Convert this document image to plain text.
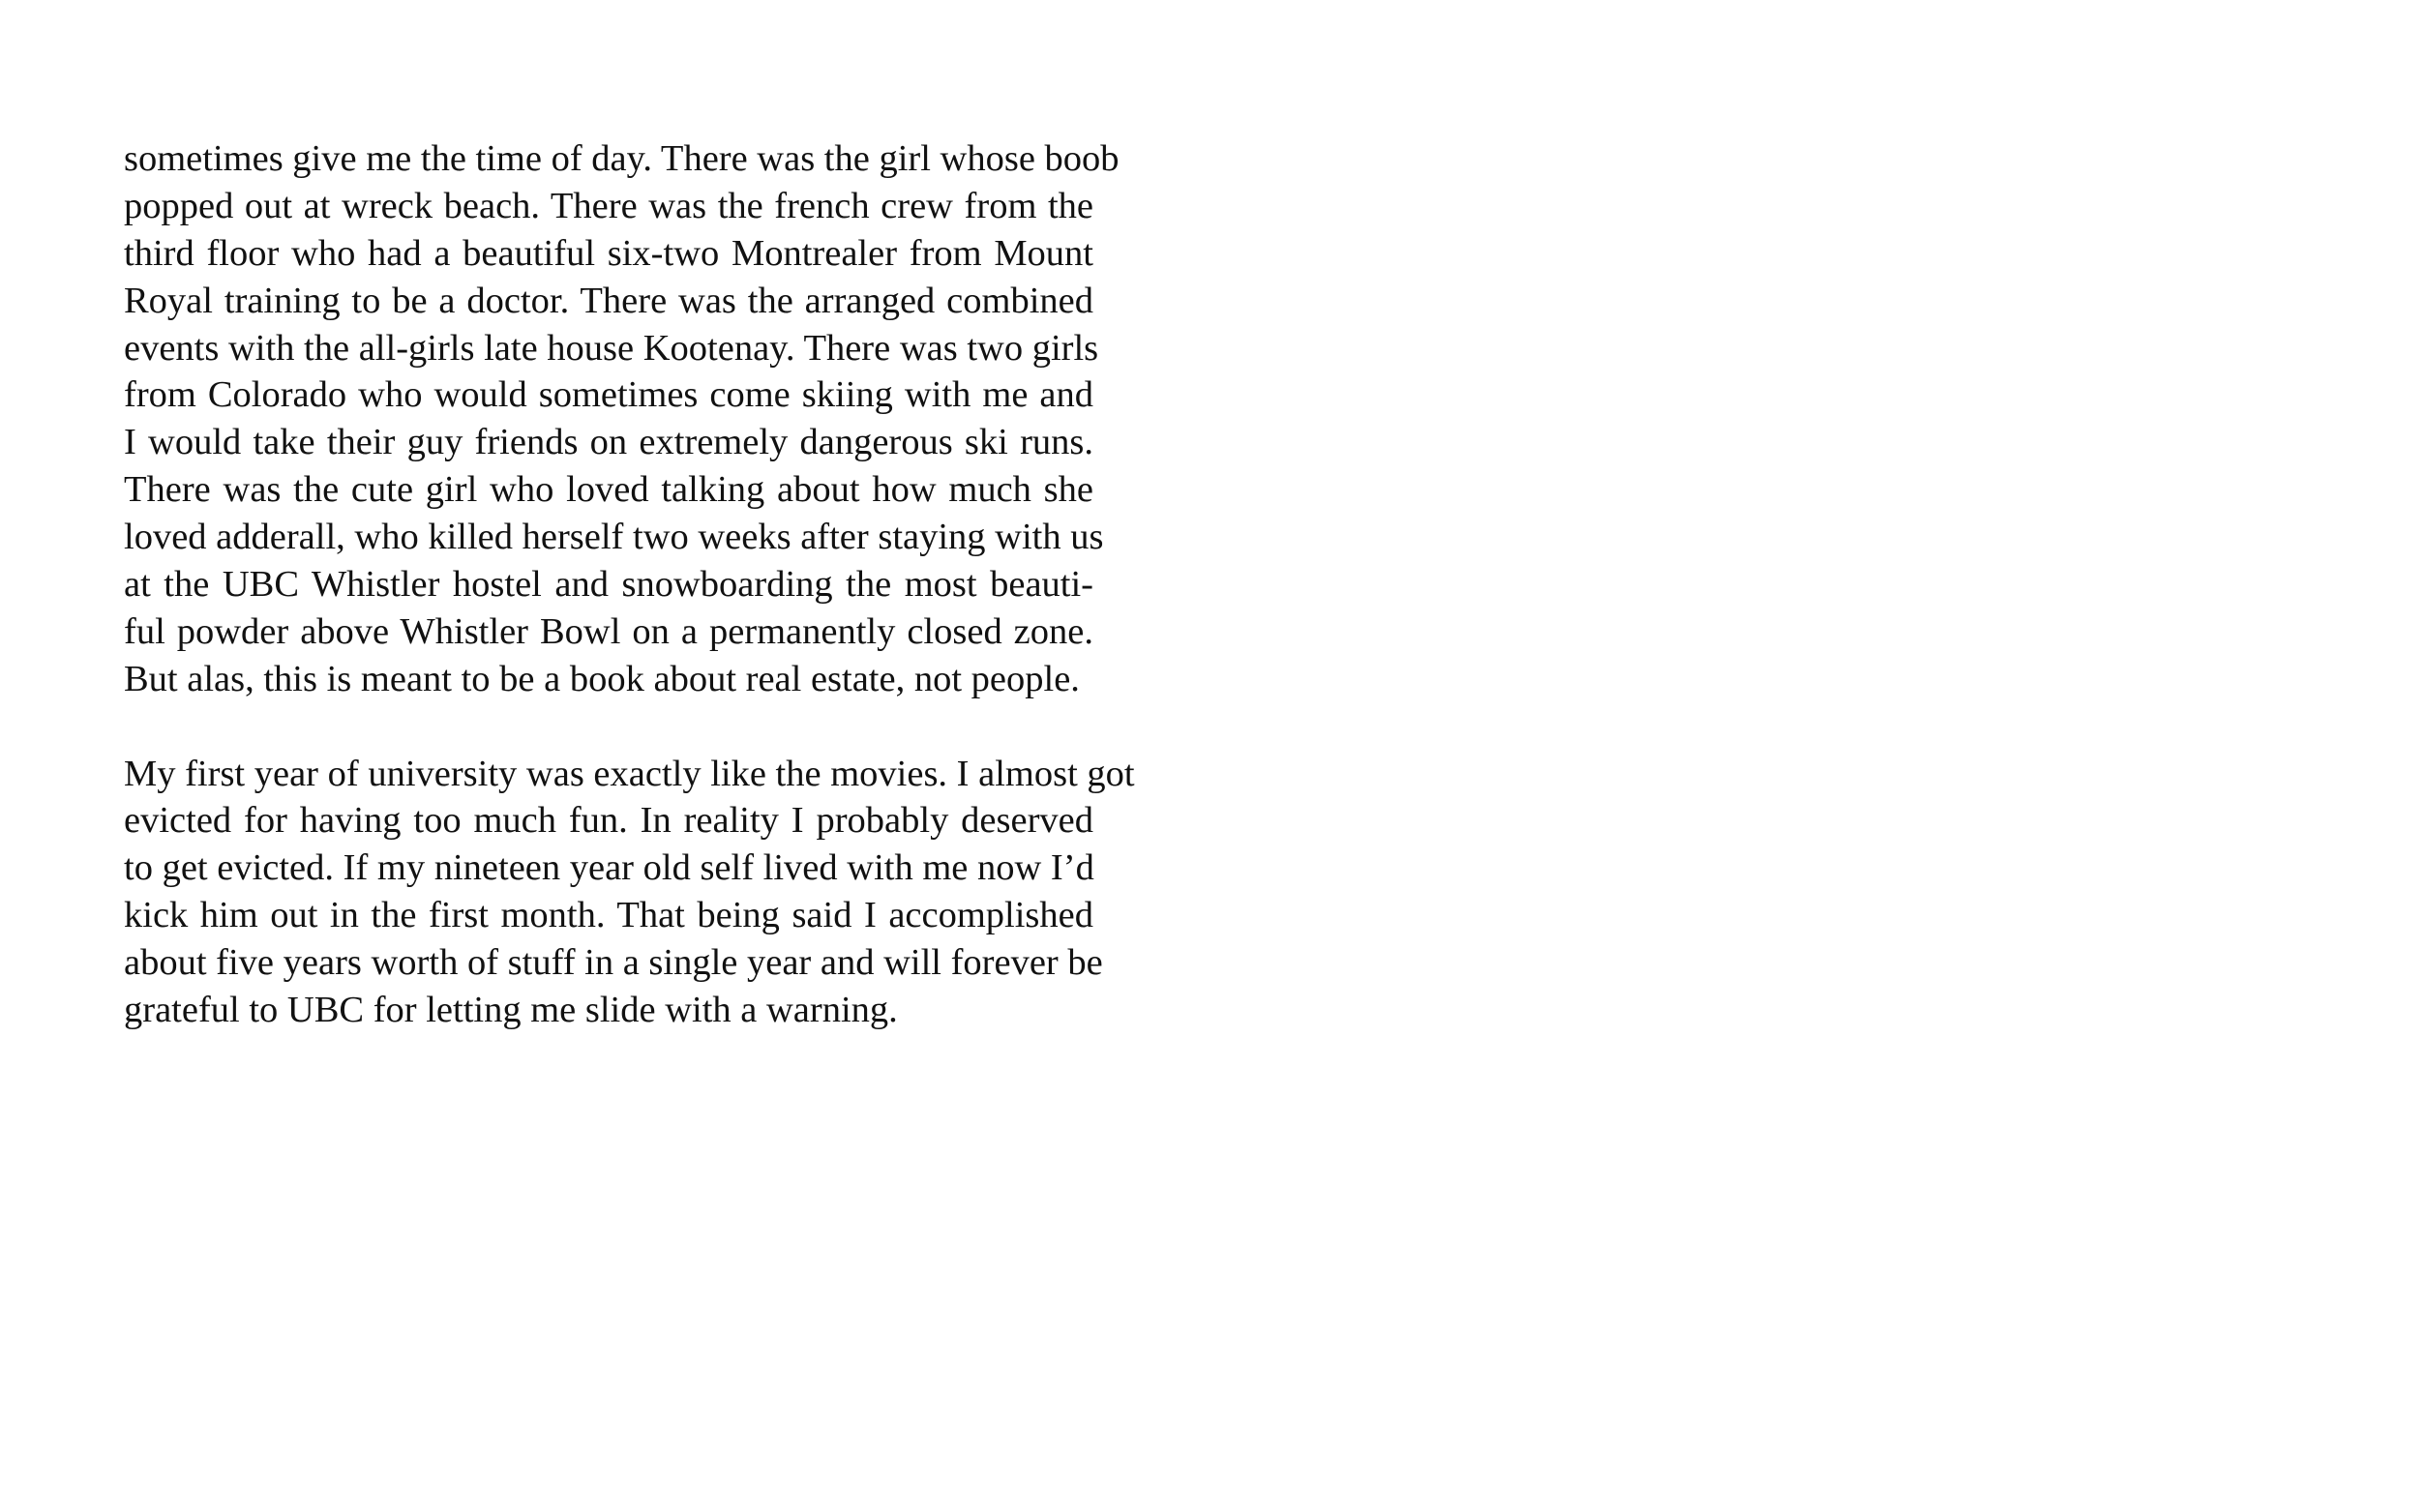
sometimes give me the time of day. There was the girl whose boob
popped out at wreck beach. There was the french crew from the
third floor who had a beautiful six-two Montrealer from Mount
Royal training to be a doctor. There was the arranged combined
events with the all-girls late house Kootenay. There was two girls
from Colorado who would sometimes come skiing with me and
I would take their guy friends on extremely dangerous ski runs.
There was the cute girl who loved talking about how much she
loved adderall, who killed herself two weeks after staying with us
at the UBC Whistler hostel and snowboarding the most beauti-
ful powder above Whistler Bowl on a permanently closed zone.
But alas, this is meant to be a book about real estate, not people.
My first year of university was exactly like the movies. I almost got
evicted for having too much fun. In reality I probably deserved
to get evicted. If my nineteen year old self lived with me now I’d
kick him out in the first month. That being said I accomplished
about five years worth of stuff in a single year and will forever be
grateful to UBC for letting me slide with a warning.
